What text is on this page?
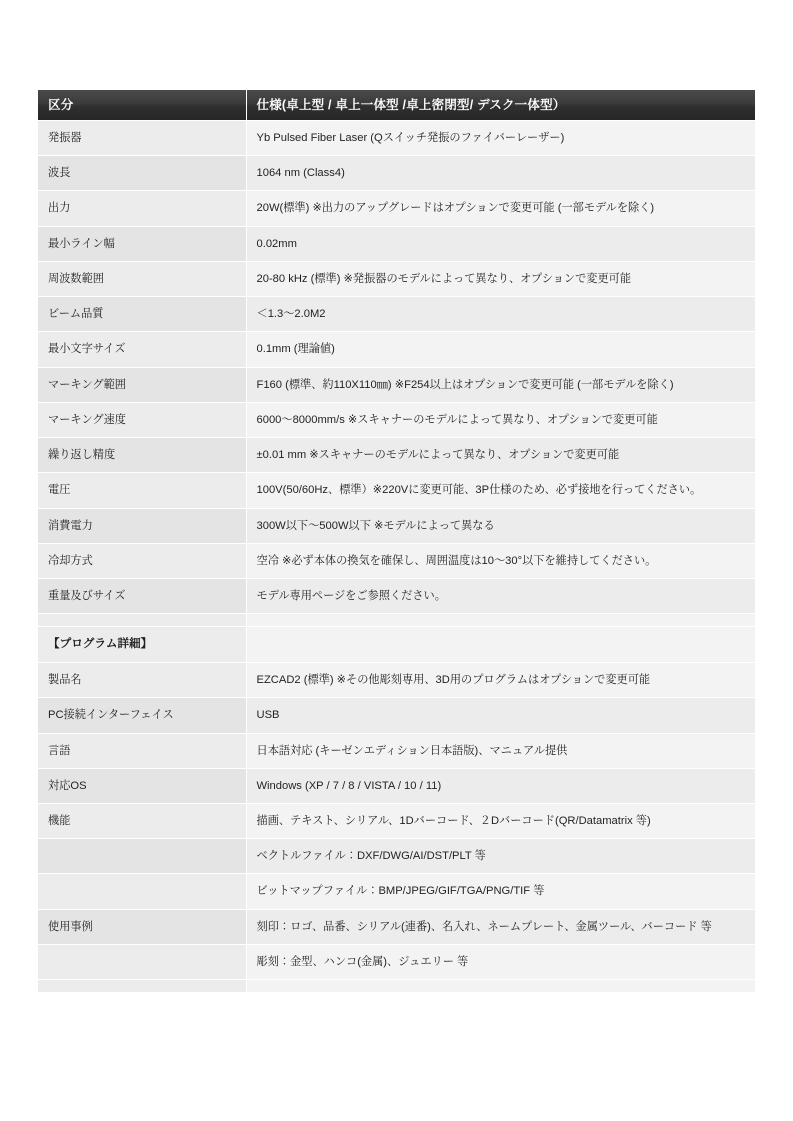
区分	仕様(卓上型 / 卓上一体型 /卓上密閉型/ デスク一体型）
発振器	Yb Pulsed Fiber Laser (Qスイッチ発振のファイバーレーザー)
波長	1064 nm (Class4)
出力	20W(標準) ※出力のアップグレードはオプションで変更可能 (一部モデルを除く)
最小ライン幅	0.02mm
周波数範囲	20-80 kHz (標準) ※発振器のモデルによって異なり、オプションで変更可能
ビーム品質	＜1.3〜2.0M2
最小文字サイズ	0.1mm (理論値)
マーキング範囲	F160 (標準、約110X110㎜) ※F254以上はオプションで変更可能 (一部モデルを除く)
マーキング速度	6000〜8000mm/s ※スキャナーのモデルによって異なり、オプションで変更可能
繰り返し精度	±0.01 mm ※スキャナーのモデルによって異なり、オプションで変更可能
電圧	100V(50/60Hz、標準）※220Vに変更可能、3P仕様のため、必ず接地を行ってください。
消費電力	300W以下〜500W以下 ※モデルによって異なる
冷却方式	空冷 ※必ず本体の換気を確保し、周囲温度は10〜30°以下を維持してください。
重量及びサイズ	モデル専用ページをご参照ください。

【プログラム詳細】	
製品名	EZCAD2 (標準) ※その他彫刻専用、3D用のプログラムはオプションで変更可能
PC接続インターフェイス	USB
言語	日本語対応 (キーゼンエディション日本語版)、マニュアル提供
対応OS	Windows (XP / 7 / 8 / VISTA / 10 / 11)
機能	描画、テキスト、シリアル、1Dバーコード、２Dバーコード(QR/Datamatrix 等)
	ベクトルファイル：DXF/DWG/AI/DST/PLT 等
	ビットマップファイル：BMP/JPEG/GIF/TGA/PNG/TIF 等
使用事例	刻印：ロゴ、品番、シリアル(連番)、名入れ、ネームプレート、金属ツール、バーコード 等
	彫刻：金型、ハンコ(金属)、ジュエリー 等
